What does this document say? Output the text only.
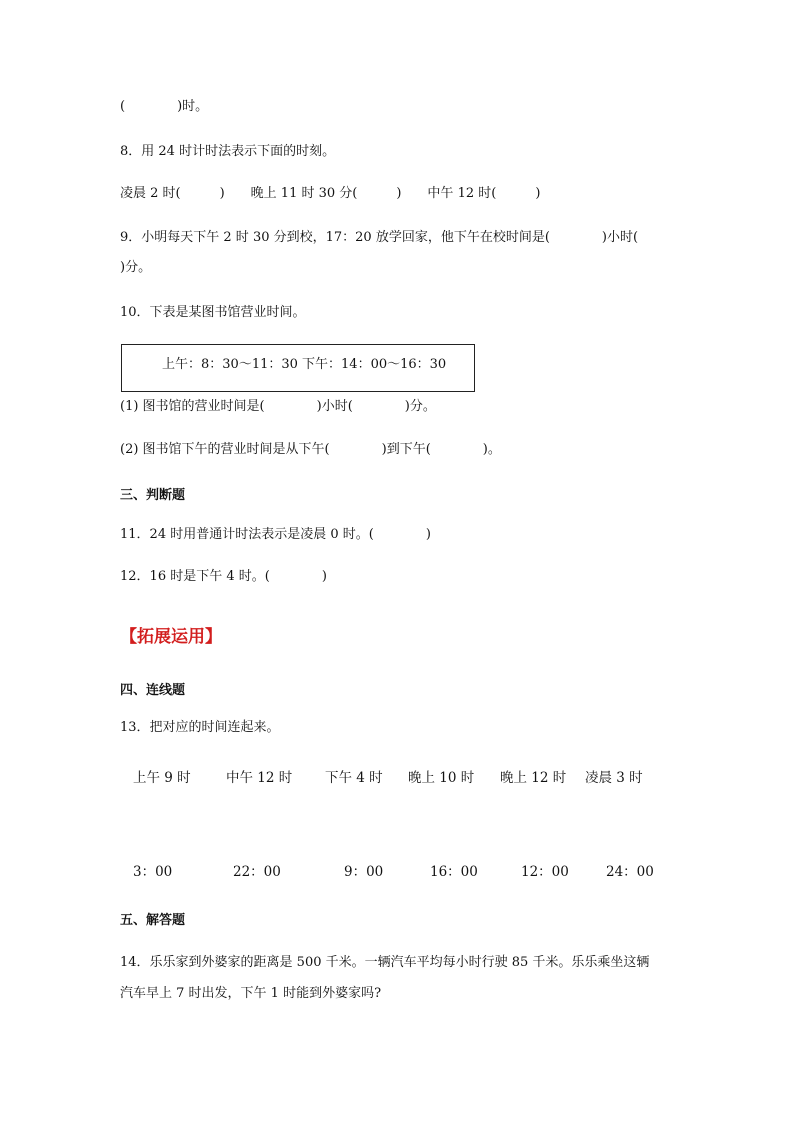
(　　　　)时。
8．用 24 时计时法表示下面的时刻。
凌晨 2 时(　　　)　　晚上 11 时 30 分(　　　)　　中午 12 时(　　　)
9．小明每天下午 2 时 30 分到校，17：20 放学回家，他下午在校时间是(　　　　)小时(
)分。
10．下表是某图书馆营业时间。
上午：8：30～11：30 下午：14：00～16：30
(1) 图书馆的营业时间是(　　　　)小时(　　　　)分。
(2) 图书馆下午的营业时间是从下午(　　　　)到下午(　　　　)。
三、判断题
11．24 时用普通计时法表示是凌晨 0 时。(　　　　)
12．16 时是下午 4 时。(　　　　)
【拓展运用】
四、连线题
13．把对应的时间连起来。
上午 9 时	中午 12 时 下午 4 时 晚上 10 时 晚上 12 时 凌晨 3 时
3：00	22：00	9：00	16：00	12：00	24：00
五、解答题
14．乐乐家到外婆家的距离是 500 千米。一辆汽车平均每小时行驶 85 千米。乐乐乘坐这辆
汽车早上 7 时出发，下午 1 时能到外婆家吗?
